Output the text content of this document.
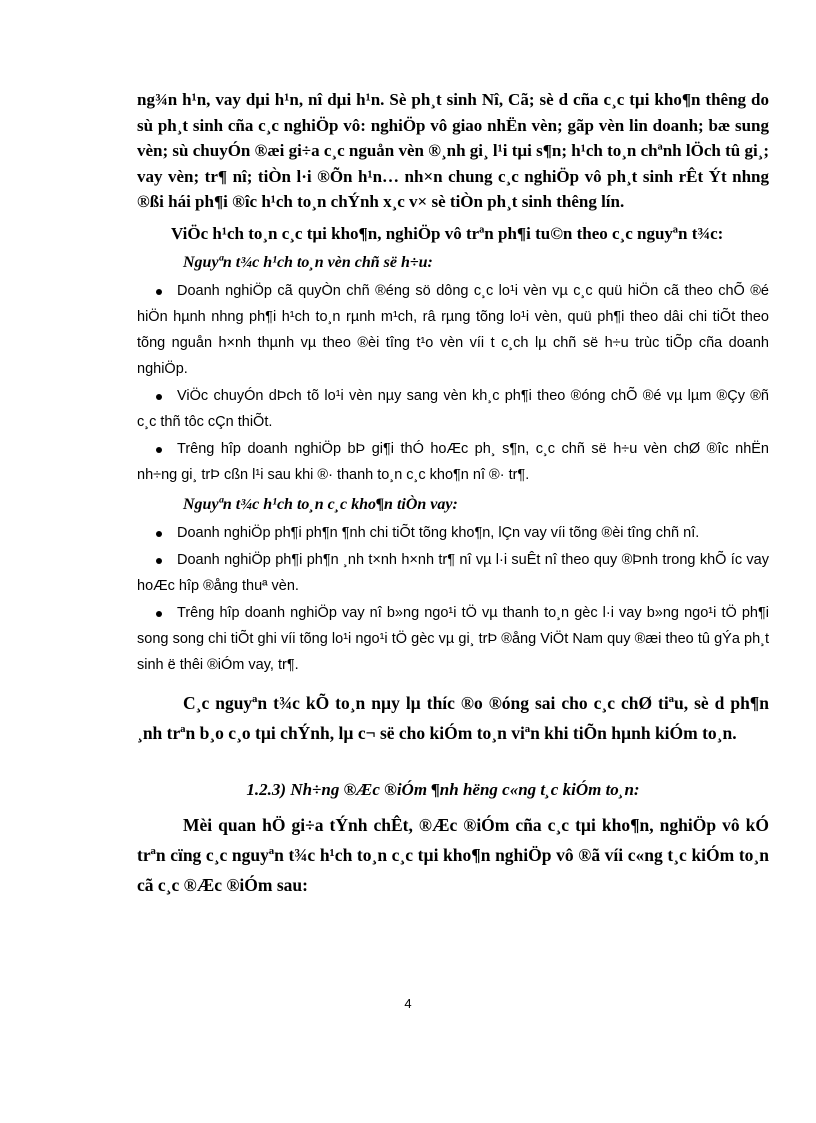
ng¾n h¹n, vay dµi h¹n, nî dµi h¹n. Sè ph¸t sinh Nî, Cã; sè d cña c¸c tµi kho¶n thêng do sù ph¸t sinh cña c¸c nghiÖp vô: nghiÖp vô giao nhËn vèn; gãp vèn lin doanh; bæ sung vèn; sù chuyÓn ®æi gi÷a c¸c nguån vèn ®¸nh gi¸ l¹i tµi s¶n; h¹ch to¸n chªnh lÖch tû gi¸; vay vèn; tr¶ nî; tiÒn l·i ®Õn h¹n… nh×n chung c¸c nghiÖp vô ph¸t sinh rÊt Ýt nhng ®ßi hái ph¶i ®îc h¹ch to¸n chÝnh x¸c v× sè tiÒn ph¸t sinh thêng lín.

ViÖc h¹ch to¸n c¸c tµi kho¶n, nghiÖp vô trªn ph¶i tu©n theo c¸c nguyªn t¾c:

Nguyªn t¾c h¹ch to¸n vèn chñ së h÷u:
Doanh nghiÖp cã quyÒn chñ ®éng sö dông c¸c lo¹i vèn vµ c¸c quü hiÖn cã theo chÕ ®é hiÖn hµnh nhng ph¶i h¹ch to¸n rµnh m¹ch, râ rµng tõng lo¹i vèn, quü ph¶i theo dâi chi tiÕt theo tõng nguån h×nh thµnh vµ theo ®èi tîng t¹o vèn víi t c¸ch lµ chñ së h÷u trùc tiÕp cña doanh nghiÖp.
ViÖc chuyÓn dÞch tõ lo¹i vèn nµy sang vèn kh¸c ph¶i theo ®óng chÕ ®é vµ lµm ®Çy ®ñ c¸c thñ tôc cÇn thiÕt.
Trêng hîp doanh nghiÖp bÞ gi¶i thÓ hoÆc ph¸ s¶n, c¸c chñ së h÷u vèn chØ ®îc nhËn nh÷ng gi¸ trÞ cßn l¹i sau khi ®· thanh to¸n c¸c kho¶n nî ®· tr¶.
Nguyªn t¾c h¹ch to¸n c¸c kho¶n tiÒn vay:
Doanh nghiÖp ph¶i ph¶n ¶nh chi tiÕt tõng kho¶n, lÇn vay víi tõng ®èi tîng chñ nî.
Doanh nghiÖp ph¶i ph¶n ¸nh t×nh h×nh tr¶ nî vµ l·i suÊt nî theo quy ®Þnh trong khÕ íc vay hoÆc hîp ®ång thuª vèn.
Trêng hîp doanh nghiÖp vay nî b»ng ngo¹i tÖ vµ thanh to¸n gèc l·i vay b»ng ngo¹i tÖ ph¶i song song chi tiÕt ghi víi tõng lo¹i ngo¹i tÖ gèc vµ gi¸ trÞ ®ång ViÖt Nam quy ®æi theo tû gÝa ph¸t sinh ë thêi ®iÓm vay, tr¶.

C¸c nguyªn t¾c kÕ to¸n nµy lµ thíc ®o ®óng sai cho c¸c chØ tiªu, sè d ph¶n ¸nh trªn b¸o c¸o tµi chÝnh, lµ c¬ së cho kiÓm to¸n viªn khi tiÕn hµnh kiÓm to¸n.

1.2.3) Nh÷ng ®Æc ®iÓm ¶nh hëng c«ng t¸c kiÓm to¸n:

Mèi quan hÖ gi÷a tÝnh chÊt, ®Æc ®iÓm cña c¸c tµi kho¶n, nghiÖp vô kÓ trªn cïng c¸c nguyªn t¾c h¹ch to¸n c¸c tµi kho¶n nghiÖp vô ®ã víi c«ng t¸c kiÓm to¸n cã c¸c ®Æc ®iÓm sau:

4
